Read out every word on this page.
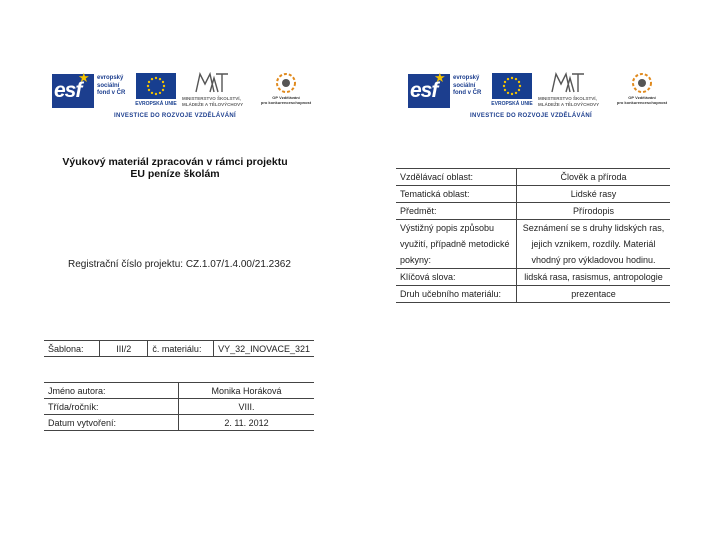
esf
★ evropský
sociální
fond v ČR
EVROPSKÁ UNIE
MINISTERSTVO ŠKOLSTVÍ,
MLÁDEŽE A TĚLOVÝCHOVY
OP Vzdělávání
pro konkurenceschopnost
INVESTICE DO ROZVOJE VZDĚLÁVÁNÍ
esf
★ evropský
sociální
fond v ČR
EVROPSKÁ UNIE
MINISTERSTVO ŠKOLSTVÍ,
MLÁDEŽE A TĚLOVÝCHOVY
OP Vzdělávání
pro konkurenceschopnost
INVESTICE DO ROZVOJE VZDĚLÁVÁNÍ
Výukový materiál zpracován v rámci projektu
EU peníze školám
Registrační číslo projektu: CZ.1.07/1.4.00/21.2362
Šablona:	III/2	č. materiálu:	VY_32_INOVACE_321
Jméno autora:	Monika Horáková
Třída/ročník:	VIII.
Datum vytvoření:	2. 11. 2012
Vzdělávací oblast:	Člověk a příroda
Tematická oblast:	Lidské rasy
Předmět:	Přírodopis
Výstižný popis způsobu využití, případně metodické pokyny:	Seznámení se s druhy lidských ras, jejich vznikem, rozdíly. Materiál vhodný pro výkladovou hodinu.
Klíčová slova:	lidská rasa, rasismus, antropologie
Druh učebního materiálu:	prezentace
